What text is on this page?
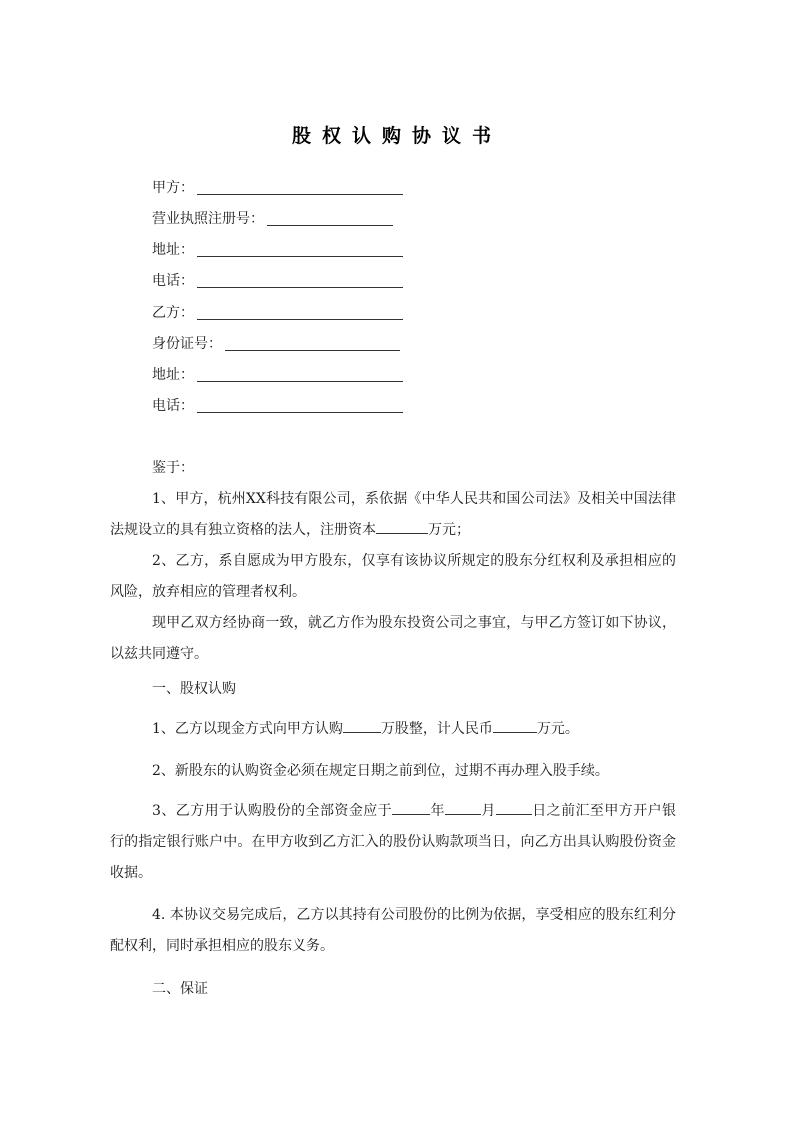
股权认购协议书
甲方：
营业执照注册号：
地址：
电话：
乙方：
身份证号：
地址：
电话：
鉴于：
1、甲方，杭州XX科技有限公司，系依据《中华人民共和国公司法》及相关中国法律法规设立的具有独立资格的法人，注册资本	万元；
2、乙方，系自愿成为甲方股东，仅享有该协议所规定的股东分红权利及承担相应的风险，放弃相应的管理者权利。
现甲乙双方经协商一致，就乙方作为股东投资公司之事宜，与甲乙方签订如下协议，以兹共同遵守。
一、股权认购
1、乙方以现金方式向甲方认购	万股整，计人民币	万元。
2、新股东的认购资金必须在规定日期之前到位，过期不再办理入股手续。
3、乙方用于认购股份的全部资金应于	年	月	日之前汇至甲方开户银行的指定银行账户中。在甲方收到乙方汇入的股份认购款项当日，向乙方出具认购股份资金收据。
4. 本协议交易完成后，乙方以其持有公司股份的比例为依据，享受相应的股东红利分配权利，同时承担相应的股东义务。
二、保证
